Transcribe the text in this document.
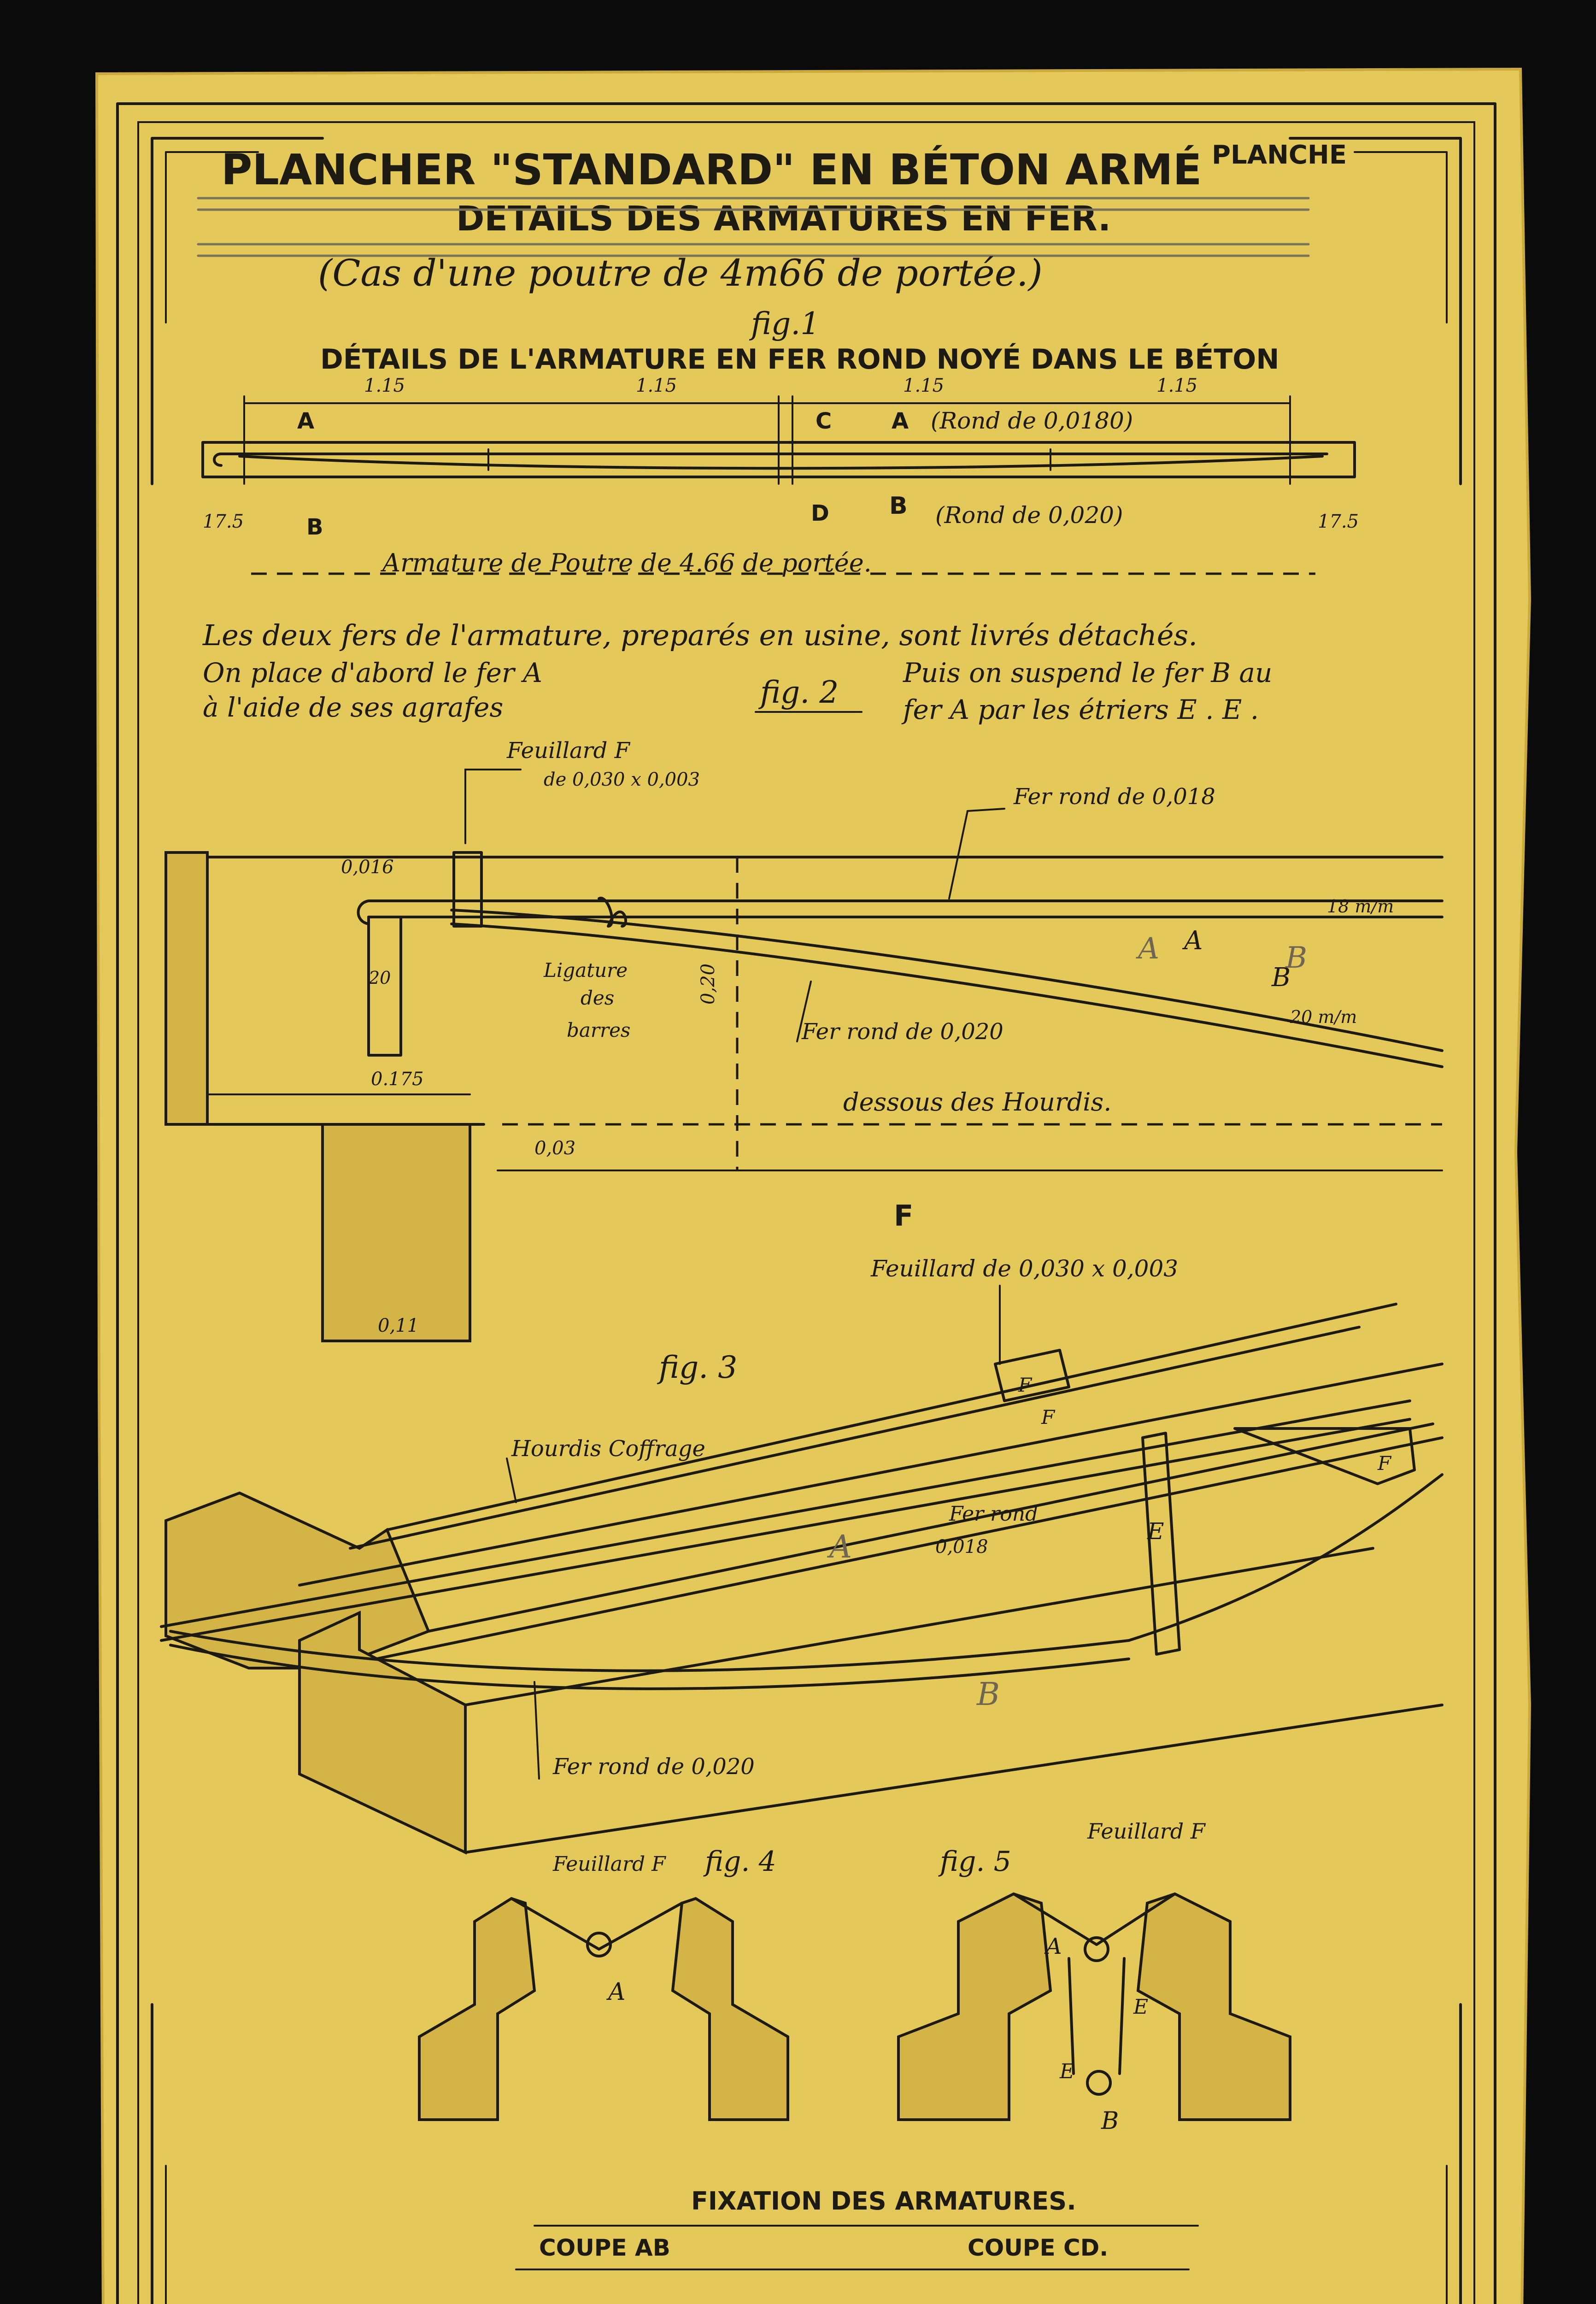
PLANCHER "STANDARD" EN BÉTON ARMÉ PLANCHE
DETAILS DES ARMATURES EN FER.
(Cas d'une poutre de 4m66 de portée.)
fig.1
DÉTAILS DE L'ARMATURE EN FER ROND NOYÉ DANS LE BÉTON
1.15	1.15	1.15	1.15
A
B
C
D
A (Rond de 0,0180)
B (Rond de 0,020)
17.5	17.5
Armature de Poutre de 4.66 de portée.
Les deux fers de l'armature, preparés en usine, sont livrés détachés.
On place d'abord le fer A	Puis on suspend le fer B au
à l'aide de ses agrafes	fer A par les étriers E . E .
fig. 2
Feuillard F
de 0,030 x 0,003
Fer rond de 0,018
0,016
18 m/m
A A
B
B
Ligature
des
barres
20	0,20
Fer rond de 0,020
20 m/m
0.175
dessous des Hourdis.
0,03
0,11
F
Feuillard de 0,030 x 0,003
fig. 3
Hourdis Coffrage
F
F
F
Fer rond
0,018
A	E
B
Fer rond de 0,020
Feuillard F fig. 4
A
Feuillard F
fig. 5
A
E
E
B
FIXATION DES ARMATURES.
COUPE AB	COUPE CD.
